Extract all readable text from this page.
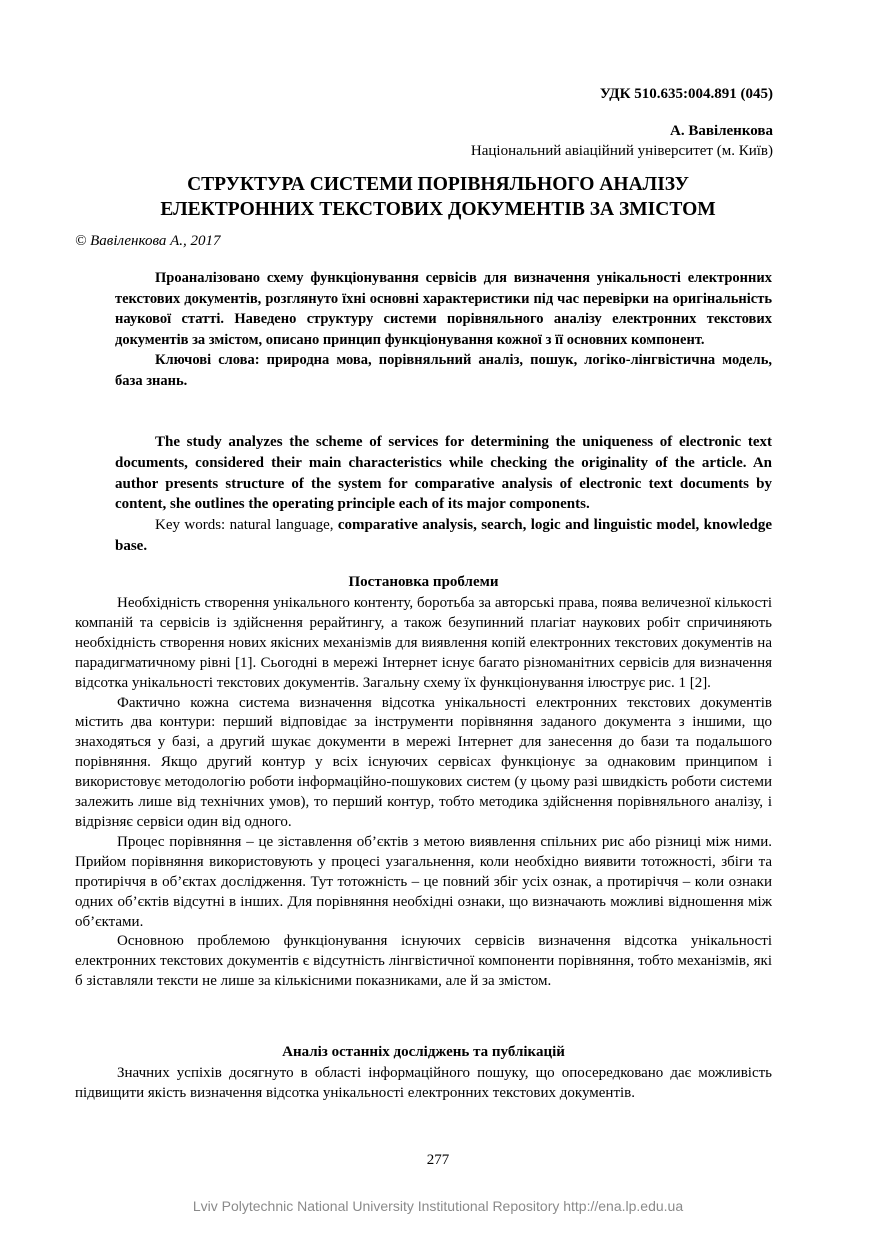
УДК 510.635:004.891 (045)
А. Вавіленкова
Національний авіаційний університет (м. Київ)
СТРУКТУРА СИСТЕМИ ПОРІВНЯЛЬНОГО АНАЛІЗУ
ЕЛЕКТРОННИХ ТЕКСТОВИХ ДОКУМЕНТІВ ЗА ЗМІСТОМ
© Вавіленкова А., 2017

Проаналізовано схему функціонування сервісів для визначення унікальності електронних текстових документів, розглянуто їхні основні характеристики під час перевірки на оригінальність наукової статті. Наведено структуру системи порівняльного аналізу електронних текстових документів за змістом, описано принцип функціонування кожної з її основних компонент.

Ключові слова: природна мова, порівняльний аналіз, пошук, логіко-лінгвістична модель, база знань.

The study analyzes the scheme of services for determining the uniqueness of electronic text documents, considered their main characteristics while checking the originality of the article. An author presents structure of the system for comparative analysis of electronic text documents by content, she outlines the operating principle each of its major components.

Key words: natural language, comparative analysis, search, logic and linguistic model, knowledge base.

Постановка проблеми

Необхідність створення унікального контенту, боротьба за авторські права, поява величезної кількості компаній та сервісів із здійснення рерайтингу, а також безупинний плагіат наукових робіт спричиняють необхідність створення нових якісних механізмів для виявлення копій електронних текстових документів на парадигматичному рівні [1]. Сьогодні в мережі Інтернет існує багато різноманітних сервісів для визначення відсотка унікальності текстових документів. Загальну схему їх функціонування ілюструє рис. 1 [2].

Фактично кожна система визначення відсотка унікальності електронних текстових документів містить два контури: перший відповідає за інструменти порівняння заданого документа з іншими, що знаходяться у базі, а другий шукає документи в мережі Інтернет для занесення до бази та подальшого порівняння. Якщо другий контур у всіх існуючих сервісах функціонує за однаковим принципом і використовує методологію роботи інформаційно-пошукових систем (у цьому разі швидкість роботи системи залежить лише від технічних умов), то перший контур, тобто методика здійснення порівняльного аналізу, і відрізняє сервіси один від одного.

Процес порівняння – це зіставлення об’єктів з метою виявлення спільних рис або різниці між ними. Прийом порівняння використовують у процесі узагальнення, коли необхідно виявити тотожності, збіги та протиріччя в об’єктах дослідження. Тут тотожність – це повний збіг усіх ознак, а протиріччя – коли ознаки одних об’єктів відсутні в інших. Для порівняння необхідні ознаки, що визначають можливі відношення між об’єктами.

Основною проблемою функціонування існуючих сервісів визначення відсотка унікальності електронних текстових документів є відсутність лінгвістичної компоненти порівняння, тобто механізмів, які б зіставляли тексти не лише за кількісними показниками, але й за змістом.

Аналіз останніх досліджень та публікацій

Значних успіхів досягнуто в області інформаційного пошуку, що опосередковано дає можливість підвищити якість визначення відсотка унікальності електронних текстових документів.

277
Lviv Polytechnic National University Institutional Repository http://ena.lp.edu.ua
